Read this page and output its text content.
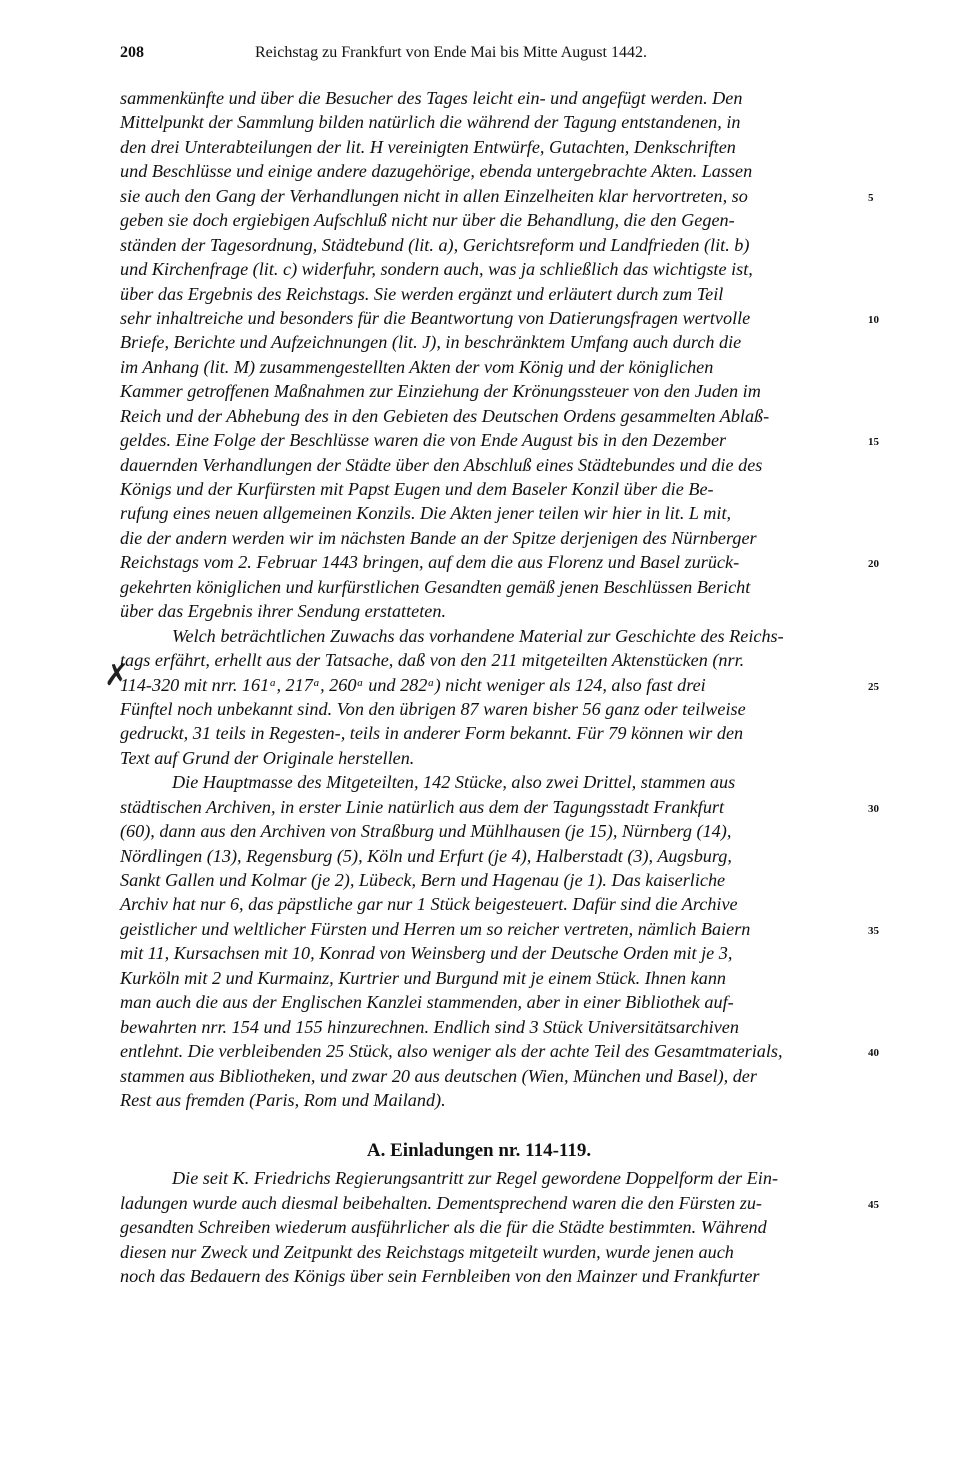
208	Reichstag zu Frankfurt von Ende Mai bis Mitte August 1442.
✗
sammenkünfte und über die Besucher des Tages leicht ein- und angefügt werden. Den
Mittelpunkt der Sammlung bilden natürlich die während der Tagung entstandenen, in
den drei Unterabteilungen der lit. H vereinigten Entwürfe, Gutachten, Denkschriften
und Beschlüsse und einige andere dazugehörige, ebenda untergebrachte Akten. Lassen
sie auch den Gang der Verhandlungen nicht in allen Einzelheiten klar hervortreten, so	5
geben sie doch ergiebigen Aufschluß nicht nur über die Behandlung, die den Gegen-
ständen der Tagesordnung, Städtebund (lit. a), Gerichtsreform und Landfrieden (lit. b)
und Kirchenfrage (lit. c) widerfuhr, sondern auch, was ja schließlich das wichtigste ist,
über das Ergebnis des Reichstags. Sie werden ergänzt und erläutert durch zum Teil
sehr inhaltreiche und besonders für die Beantwortung von Datierungsfragen wertvolle	10
Briefe, Berichte und Aufzeichnungen (lit. J), in beschränktem Umfang auch durch die
im Anhang (lit. M) zusammengestellten Akten der vom König und der königlichen
Kammer getroffenen Maßnahmen zur Einziehung der Krönungssteuer von den Juden im
Reich und der Abhebung des in den Gebieten des Deutschen Ordens gesammelten Ablaß-
geldes. Eine Folge der Beschlüsse waren die von Ende August bis in den Dezember	15
dauernden Verhandlungen der Städte über den Abschluß eines Städtebundes und die des
Königs und der Kurfürsten mit Papst Eugen und dem Baseler Konzil über die Be-
rufung eines neuen allgemeinen Konzils. Die Akten jener teilen wir hier in lit. L mit,
die der andern werden wir im nächsten Bande an der Spitze derjenigen des Nürnberger
Reichstags vom 2. Februar 1443 bringen, auf dem die aus Florenz und Basel zurück-	20
gekehrten königlichen und kurfürstlichen Gesandten gemäß jenen Beschlüssen Bericht
über das Ergebnis ihrer Sendung erstatteten.
Welch beträchtlichen Zuwachs das vorhandene Material zur Geschichte des Reichs-
tags erfährt, erhellt aus der Tatsache, daß von den 211 mitgeteilten Aktenstücken (nrr.
114-320 mit nrr. 161ᵃ, 217ᵃ, 260ᵃ und 282ᵃ) nicht weniger als 124, also fast drei	25
Fünftel noch unbekannt sind. Von den übrigen 87 waren bisher 56 ganz oder teilweise
gedruckt, 31 teils in Regesten-, teils in anderer Form bekannt. Für 79 können wir den
Text auf Grund der Originale herstellen.
Die Hauptmasse des Mitgeteilten, 142 Stücke, also zwei Drittel, stammen aus
städtischen Archiven, in erster Linie natürlich aus dem der Tagungsstadt Frankfurt	30
(60), dann aus den Archiven von Straßburg und Mühlhausen (je 15), Nürnberg (14),
Nördlingen (13), Regensburg (5), Köln und Erfurt (je 4), Halberstadt (3), Augsburg,
Sankt Gallen und Kolmar (je 2), Lübeck, Bern und Hagenau (je 1). Das kaiserliche
Archiv hat nur 6, das päpstliche gar nur 1 Stück beigesteuert. Dafür sind die Archive
geistlicher und weltlicher Fürsten und Herren um so reicher vertreten, nämlich Baiern	35
mit 11, Kursachsen mit 10, Konrad von Weinsberg und der Deutsche Orden mit je 3,
Kurköln mit 2 und Kurmainz, Kurtrier und Burgund mit je einem Stück. Ihnen kann
man auch die aus der Englischen Kanzlei stammenden, aber in einer Bibliothek auf-
bewahrten nrr. 154 und 155 hinzurechnen. Endlich sind 3 Stück Universitätsarchiven
entlehnt. Die verbleibenden 25 Stück, also weniger als der achte Teil des Gesamtmaterials,	40
stammen aus Bibliotheken, und zwar 20 aus deutschen (Wien, München und Basel), der
Rest aus fremden (Paris, Rom und Mailand).
A. Einladungen nr. 114-119.
Die seit K. Friedrichs Regierungsantritt zur Regel gewordene Doppelform der Ein-
ladungen wurde auch diesmal beibehalten. Dementsprechend waren die den Fürsten zu-	45
gesandten Schreiben wiederum ausführlicher als die für die Städte bestimmten. Während
diesen nur Zweck und Zeitpunkt des Reichstags mitgeteilt wurden, wurde jenen auch
noch das Bedauern des Königs über sein Fernbleiben von den Mainzer und Frankfurter
